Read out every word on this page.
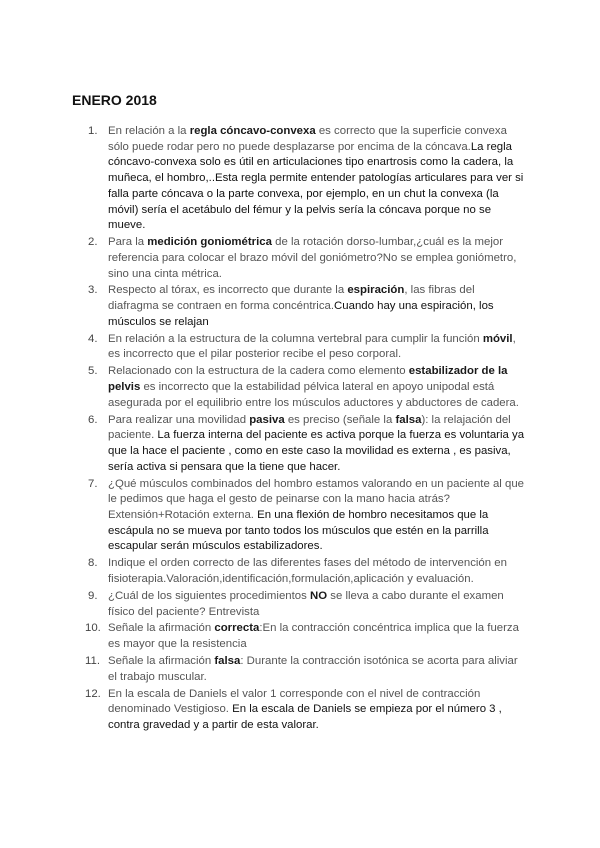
ENERO 2018
1. En relación a la regla cóncavo-convexa es correcto que la superficie convexa sólo puede rodar pero no puede desplazarse por encima de la cóncava.La regla cóncavo-convexa solo es útil en articulaciones tipo enartrosis como la cadera, la muñeca, el hombro,..Esta regla permite entender patologías articulares para ver si falla parte cóncava o la parte convexa, por ejemplo, en un chut la convexa (la móvil) sería el acetábulo del fémur y la pelvis sería la cóncava porque no se mueve.
2. Para la medición goniométrica de la rotación dorso-lumbar,¿cuál es la mejor referencia para colocar el brazo móvil del goniómetro?No se emplea goniómetro, sino una cinta métrica.
3. Respecto al tórax, es incorrecto que durante la espiración, las fibras del diafragma se contraen en forma concéntrica.Cuando hay una espiración, los músculos se relajan
4. En relación a la estructura de la columna vertebral para cumplir la función móvil, es incorrecto que el pilar posterior recibe el peso corporal.
5. Relacionado con la estructura de la cadera como elemento estabilizador de la pelvis es incorrecto que la estabilidad pélvica lateral en apoyo unipodal está asegurada por el equilibrio entre los músculos aductores y abductores de cadera.
6. Para realizar una movilidad pasiva es preciso (señale la falsa): la relajación del paciente. La fuerza interna del paciente es activa porque la fuerza es voluntaria ya que la hace el paciente , como en este caso la movilidad es externa , es pasiva, sería activa si pensara que la tiene que hacer.
7. ¿Qué músculos combinados del hombro estamos valorando en un paciente al que le pedimos que haga el gesto de peinarse con la mano hacia atrás? Extensión+Rotación externa. En una flexión de hombro necesitamos que la escápula no se mueva por tanto todos los músculos que estén en la parrilla escapular serán músculos estabilizadores.
8. Indique el orden correcto de las diferentes fases del método de intervención en fisioterapia.Valoración,identificación,formulación,aplicación y evaluación.
9. ¿Cuál de los siguientes procedimientos NO se lleva a cabo durante el examen físico del paciente? Entrevista
10. Señale la afirmación correcta:En la contracción concéntrica implica que la fuerza es mayor que la resistencia
11. Señale la afirmación falsa: Durante la contracción isotónica se acorta para aliviar el trabajo muscular.
12. En la escala de Daniels el valor 1 corresponde con el nivel de contracción denominado Vestigioso. En la escala de Daniels se empieza por el número 3 , contra gravedad y a partir de esta valorar.
